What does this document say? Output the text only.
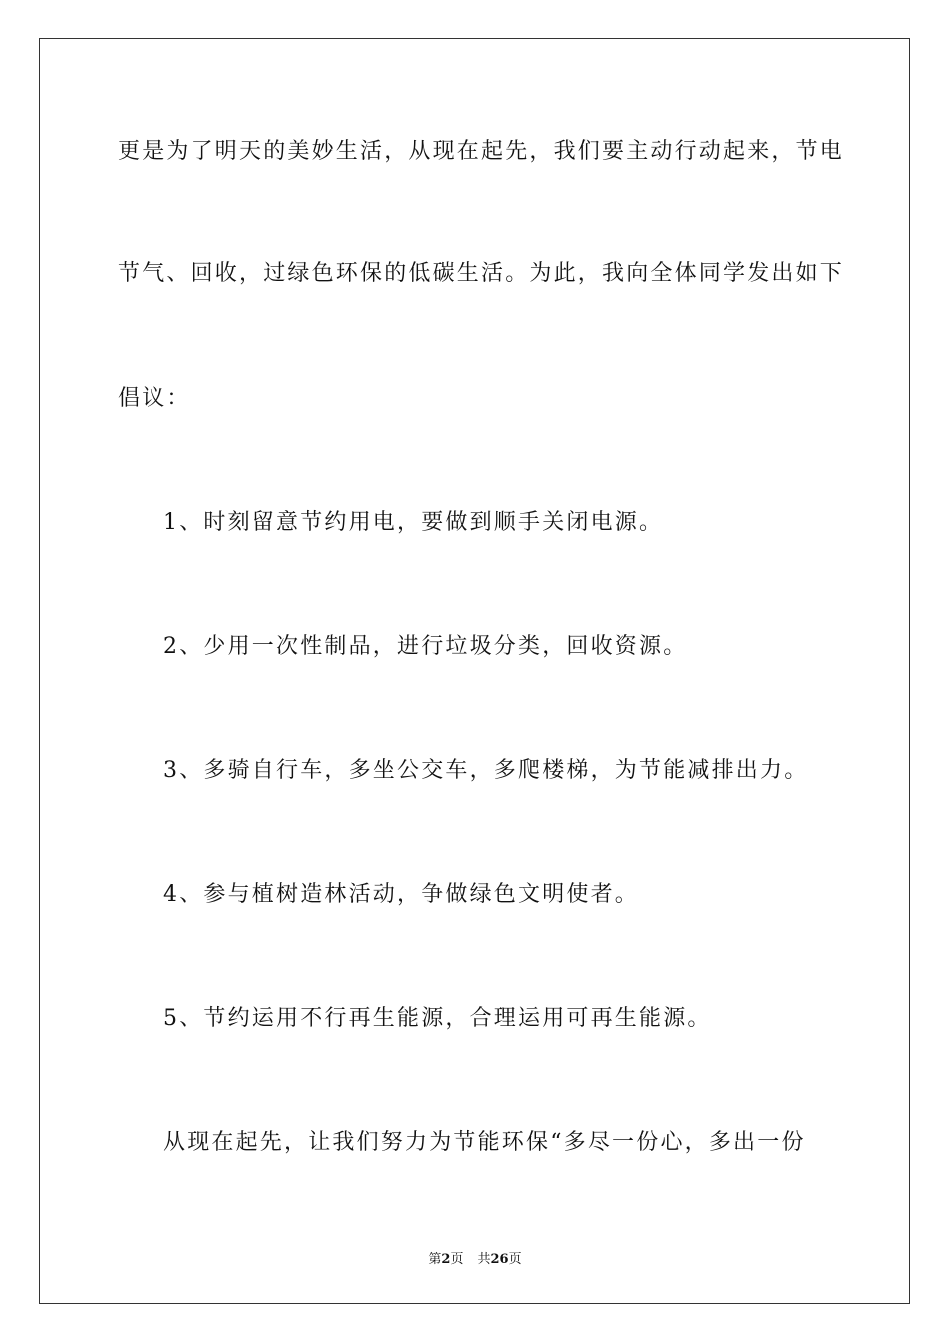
更是为了明天的美妙生活，从现在起先，我们要主动行动起来，节电
节气、回收，过绿色环保的低碳生活。为此，我向全体同学发出如下
倡议：
1、时刻留意节约用电，要做到顺手关闭电源。
2、少用一次性制品，进行垃圾分类，回收资源。
3、多骑自行车，多坐公交车，多爬楼梯，为节能减排出力。
4、参与植树造林活动，争做绿色文明使者。
5、节约运用不行再生能源，合理运用可再生能源。
从现在起先，让我们努力为节能环保“多尽一份心，多出一份
第2页 共26页
